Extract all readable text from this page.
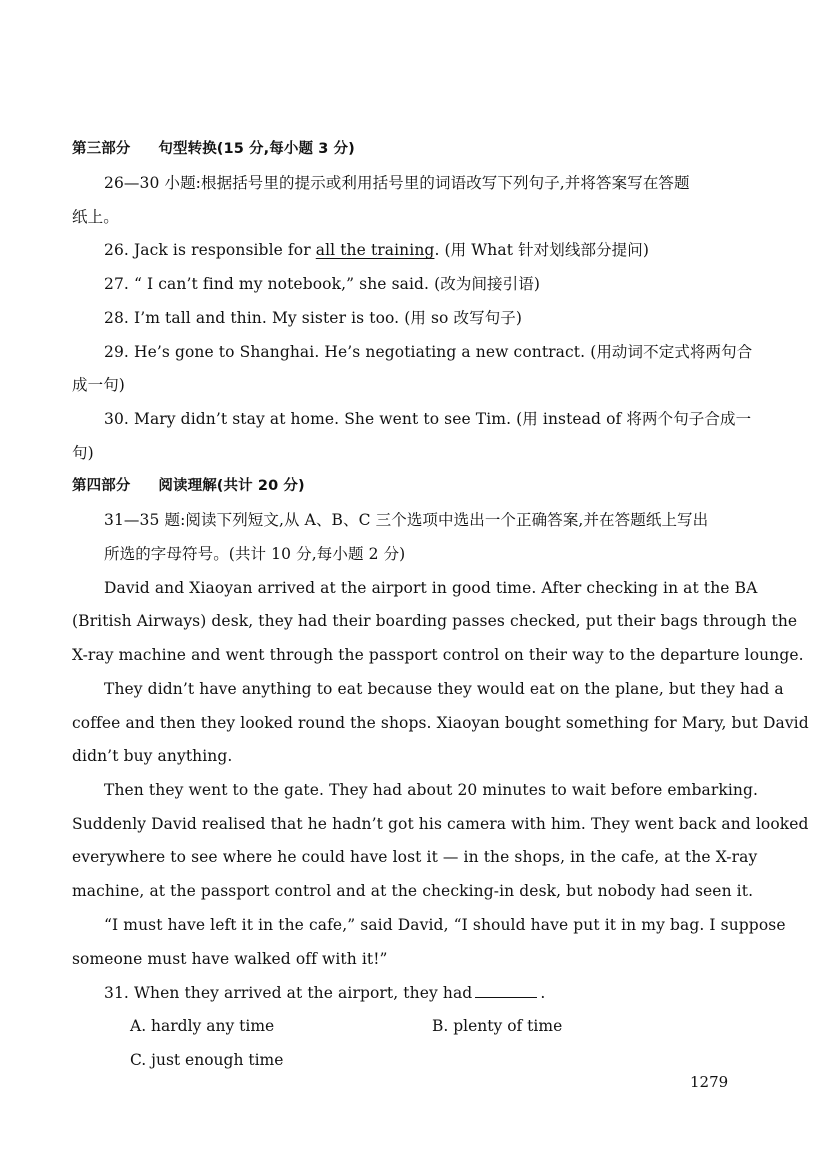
第三部分 句型转换(15 分,每小题 3 分)
26—30 小题:根据括号里的提示或利用括号里的词语改写下列句子,并将答案写在答题
纸上。
26. Jack is responsible for all the training. (用 What 针对划线部分提问)
27. “ I can’t find my notebook,” she said. (改为间接引语)
28. I’m tall and thin. My sister is too. (用 so 改写句子)
29. He’s gone to Shanghai. He’s negotiating a new contract. (用动词不定式将两句合
成一句)
30. Mary didn’t stay at home. She went to see Tim. (用 instead of 将两个句子合成一
句)
第四部分 阅读理解(共计 20 分)
31—35 题:阅读下列短文,从 A、B、C 三个选项中选出一个正确答案,并在答题纸上写出
所选的字母符号。(共计 10 分,每小题 2 分)
David and Xiaoyan arrived at the airport in good time. After checking in at the BA
(British Airways) desk, they had their boarding passes checked, put their bags through the
X-ray machine and went through the passport control on their way to the departure lounge.
They didn’t have anything to eat because they would eat on the plane, but they had a
coffee and then they looked round the shops. Xiaoyan bought something for Mary, but David
didn’t buy anything.
Then they went to the gate. They had about 20 minutes to wait before embarking.
Suddenly David realised that he hadn’t got his camera with him. They went back and looked
everywhere to see where he could have lost it — in the shops, in the cafe, at the X-ray
machine, at the passport control and at the checking-in desk, but nobody had seen it.
“I must have left it in the cafe,” said David, “I should have put it in my bag. I suppose
someone must have walked off with it!”
31. When they arrived at the airport, they had	.
A. hardly any time	B. plenty of time
C. just enough time
1279
